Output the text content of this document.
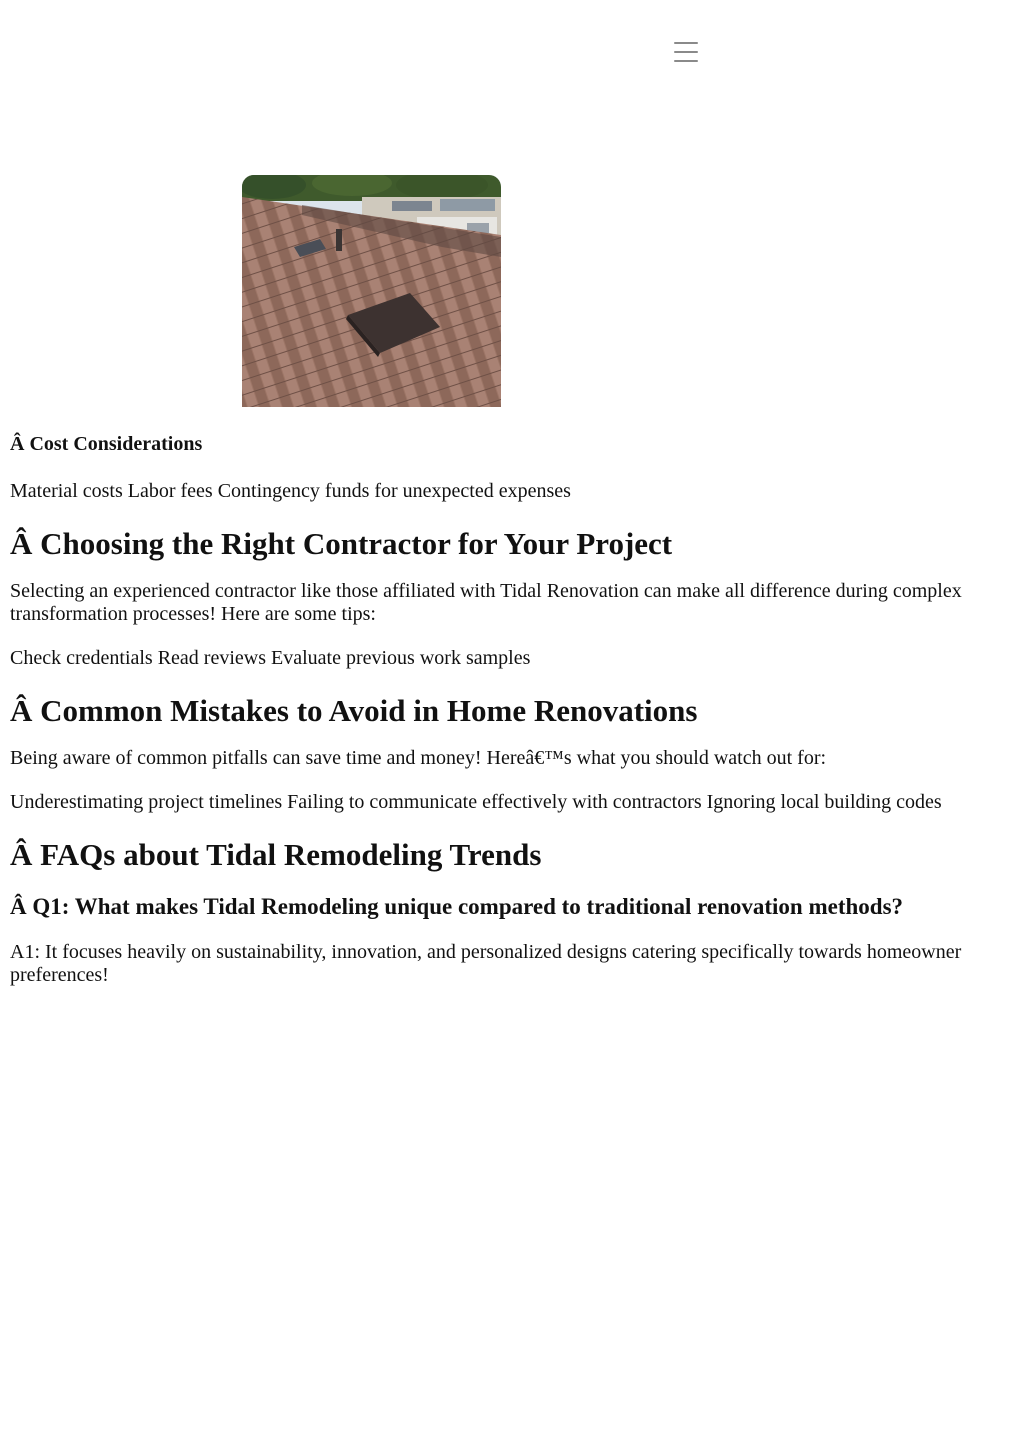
Â Cost Considerations

Material costs Labor fees Contingency funds for unexpected expenses

Â Choosing the Right Contractor for Your Project

Selecting an experienced contractor like those affiliated with Tidal Renovation can make all difference during complex transformation processes! Here are some tips:

Check credentials Read reviews Evaluate previous work samples

Â Common Mistakes to Avoid in Home Renovations

Being aware of common pitfalls can save time and money! Hereâ€™s what you should watch out for:

Underestimating project timelines Failing to communicate effectively with contractors Ignoring local building codes

Â FAQs about Tidal Remodeling Trends
Â Q1: What makes Tidal Remodeling unique compared to traditional renovation methods?

A1: It focuses heavily on sustainability, innovation, and personalized designs catering specifically towards homeowner preferences!
